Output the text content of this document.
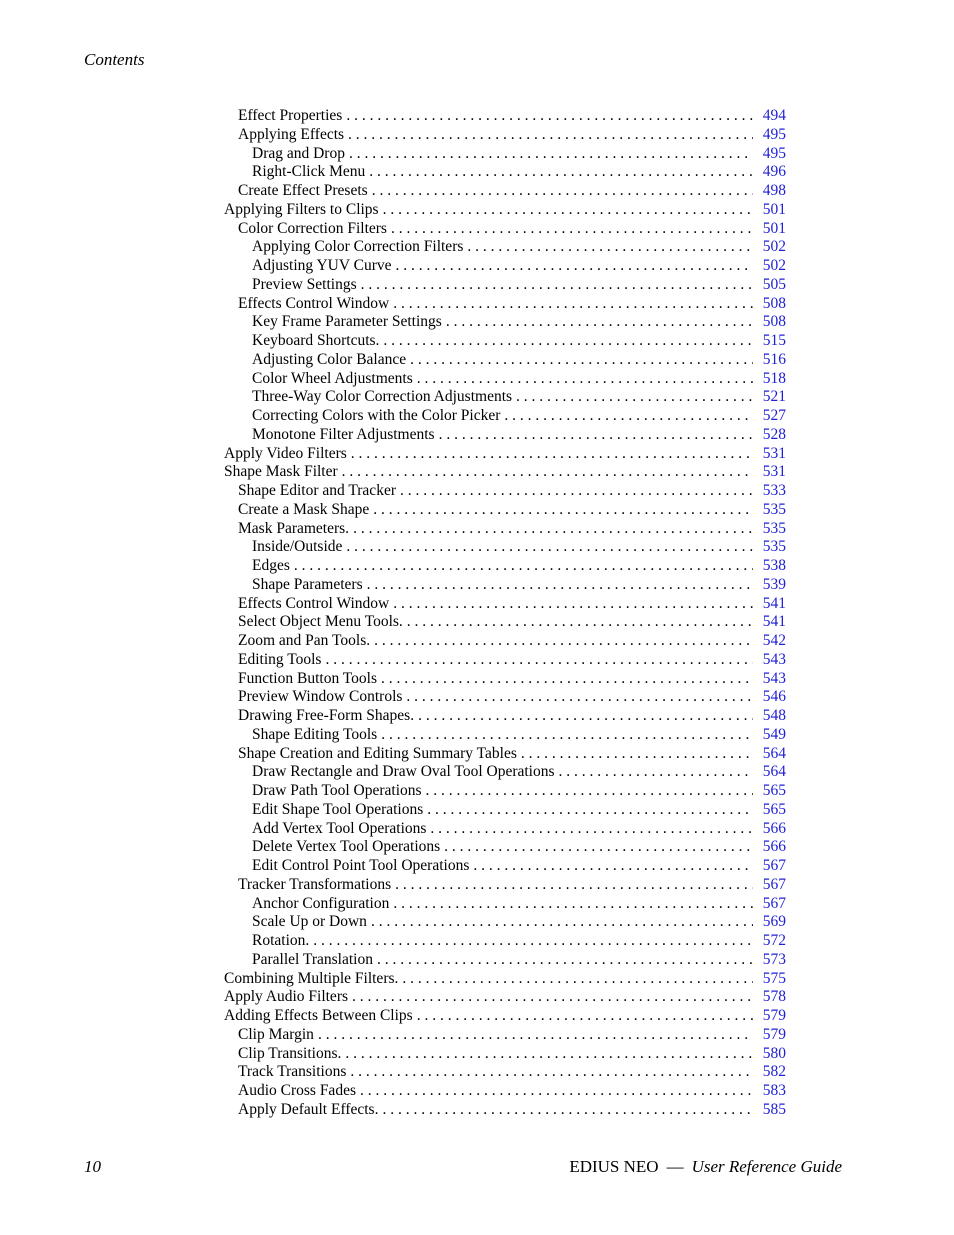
Contents
Effect Properties . . .	494
Applying Effects . . .	495
Drag and Drop . . .	495
Right-Click Menu . . .	496
Create Effect Presets . . .	498
Applying Filters to Clips . . .	501
Color Correction Filters . . .	501
Applying Color Correction Filters . . .	502
Adjusting YUV Curve . . .	502
Preview Settings . . .	505
Effects Control Window . . .	508
Key Frame Parameter Settings . . .	508
Keyboard Shortcuts. . . .	515
Adjusting Color Balance . . .	516
Color Wheel Adjustments . . .	518
Three-Way Color Correction Adjustments . . .	521
Correcting Colors with the Color Picker . . .	527
Monotone Filter Adjustments . . .	528
Apply Video Filters . . .	531
Shape Mask Filter . . .	531
Shape Editor and Tracker . . .	533
Create a Mask Shape . . .	535
Mask Parameters. . . .	535
Inside/Outside . . .	535
Edges . . .	538
Shape Parameters . . .	539
Effects Control Window . . .	541
Select Object Menu Tools. . . .	541
Zoom and Pan Tools. . . .	542
Editing Tools . . .	543
Function Button Tools . . .	543
Preview Window Controls . . .	546
Drawing Free-Form Shapes. . . .	548
Shape Editing Tools . . .	549
Shape Creation and Editing Summary Tables . . .	564
Draw Rectangle and Draw Oval Tool Operations . . .	564
Draw Path Tool Operations . . .	565
Edit Shape Tool Operations . . .	565
Add Vertex Tool Operations . . .	566
Delete Vertex Tool Operations . . .	566
Edit Control Point Tool Operations . . .	567
Tracker Transformations . . .	567
Anchor Configuration . . .	567
Scale Up or Down . . .	569
Rotation. . . .	572
Parallel Translation . . .	573
Combining Multiple Filters. . . .	575
Apply Audio Filters . . .	578
Adding Effects Between Clips . . .	579
Clip Margin . . .	579
Clip Transitions. . . .	580
Track Transitions . . .	582
Audio Cross Fades . . .	583
Apply Default Effects. . . .	585
10	EDIUS NEO — User Reference Guide
